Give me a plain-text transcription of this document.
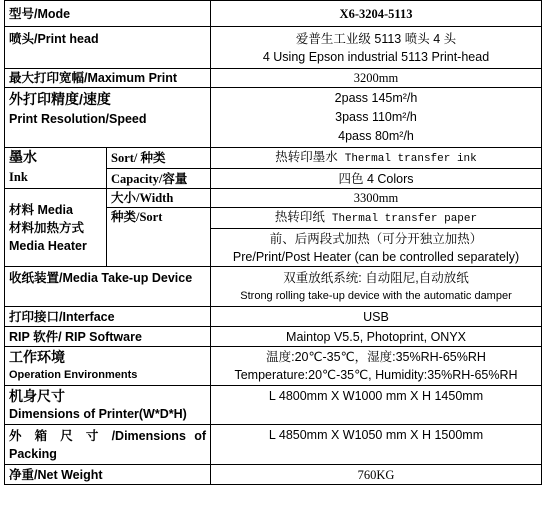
型号/Mode		X6-3204-5113
喷头/Print head		爱普生工业级 5113 喷头 4 头
4 Using Epson industrial 5113 Print-head

最大打印宽幅/Maximum Print		3200mm

外打印精度/速度
Print Resolution/Speed		2pass 145m²/h
3pass 110m²/h
4pass 80m²/h

墨水
Ink	Sort/ 种类	热转印墨水 Thermal transfer ink
	Capacity/容量	四色 4 Colors

材料 Media
材料加热方式
Media Heater	大小/Width	3300mm
	种类/Sort	热转印纸 Thermal transfer paper

		前、后两段式加热（可分开独立加热）
Pre/Print/Post Heater (can be controlled separately)

收纸装置/Media Take-up Device		双重放纸系统: 自动阻尼,自动放纸
Strong rolling take-up device with the automatic damper

打印接口/Interface		USB
RIP 软件/ RIP Software		Maintop V5.5, Photoprint, ONYX

工作环境
Operation Environments		温度:20℃-35℃，湿度:35%RH-65%RH
Temperature:20℃-35℃, Humidity:35%RH-65%RH

机身尺寸
Dimensions of Printer(W*D*H)		L 4800mm X W1000 mm X H 1450mm

外 箱 尺 寸 /Dimensions of
Packing		L 4850mm X W1050 mm X H 1500mm
净重/Net Weight		760KG
